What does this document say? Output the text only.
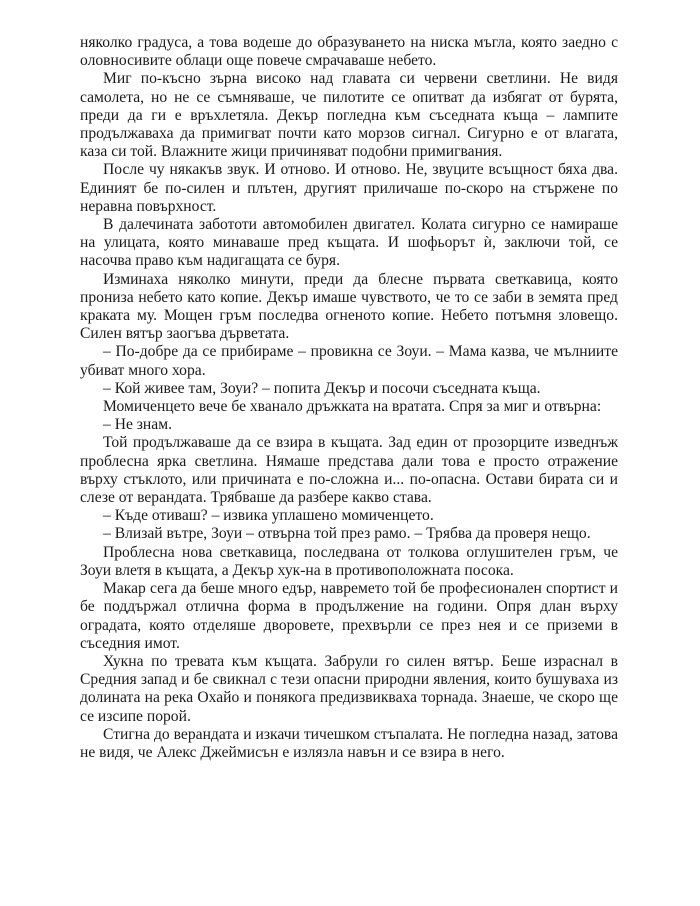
няколко градуса, а това водеше до образуването на ниска мъгла, която заедно с оловносивите облаци още повече смрачаваше небето.

Миг по-късно зърна високо над главата си червени светлини. Не видя самолета, но не се съмняваше, че пилотите се опитват да избягат от бурята, преди да ги е връхлетяла. Декър погледна към съседната къща – лампите продължаваха да примигват почти като морзов сигнал. Сигурно е от влагата, каза си той. Влажните жици причиняват подобни примигвания.

После чу някакъв звук. И отново. И отново. Не, звуците всъщност бяха два. Единият бе по-силен и плътен, другият приличаше по-скоро на стържене по неравна повърхност.

В далечината забототи автомобилен двигател. Колата сигурно се намираше на улицата, която минаваше пред къщата. И шофьорът ѝ, заключи той, се насочва право към надигащата се буря.

Изминаха няколко минути, преди да блесне първата светкавица, която прониза небето като копие. Декър имаше чувството, че то се заби в земята пред краката му. Мощен гръм последва огненото копие. Небето потъмня зловещо. Силен вятър заогъва дърветата.

– По-добре да се прибираме – провикна се Зоуи. – Мама казва, че мълниите убиват много хора.

– Кой живее там, Зоуи? – попита Декър и посочи съседната къща.

Момиченцето вече бе хванало дръжката на вратата. Спря за миг и отвърна:

– Не знам.

Той продължаваше да се взира в къщата. Зад един от прозорците изведнъж проблесна ярка светлина. Нямаше представа дали това е просто отражение върху стъклото, или причината е по-сложна и... по-опасна. Остави бирата си и слезе от верандата. Трябваше да разбере какво става.

– Къде отиваш? – извика уплашено момиченцето.

– Влизай вътре, Зоуи – отвърна той през рамо. – Трябва да проверя нещо.

Проблесна нова светкавица, последвана от толкова оглушителен гръм, че Зоуи влетя в къщата, а Декър хук-на в противоположната посока.

Макар сега да беше много едър, навремето той бе професионален спортист и бе поддържал отлична форма в продължение на години. Опря длан върху оградата, която отделяше дворовете, прехвърли се през нея и се приземи в съседния имот.

Хукна по тревата към къщата. Забрули го силен вятър. Беше израснал в Средния запад и бе свикнал с тези опасни природни явления, които бушуваха из долината на река Охайо и понякога предизвикваха торнада. Знаеше, че скоро ще се изсипе порой.

Стигна до верандата и изкачи тичешком стъпалата. Не погледна назад, затова не видя, че Алекс Джеймисън е излязла навън и се взира в него.
